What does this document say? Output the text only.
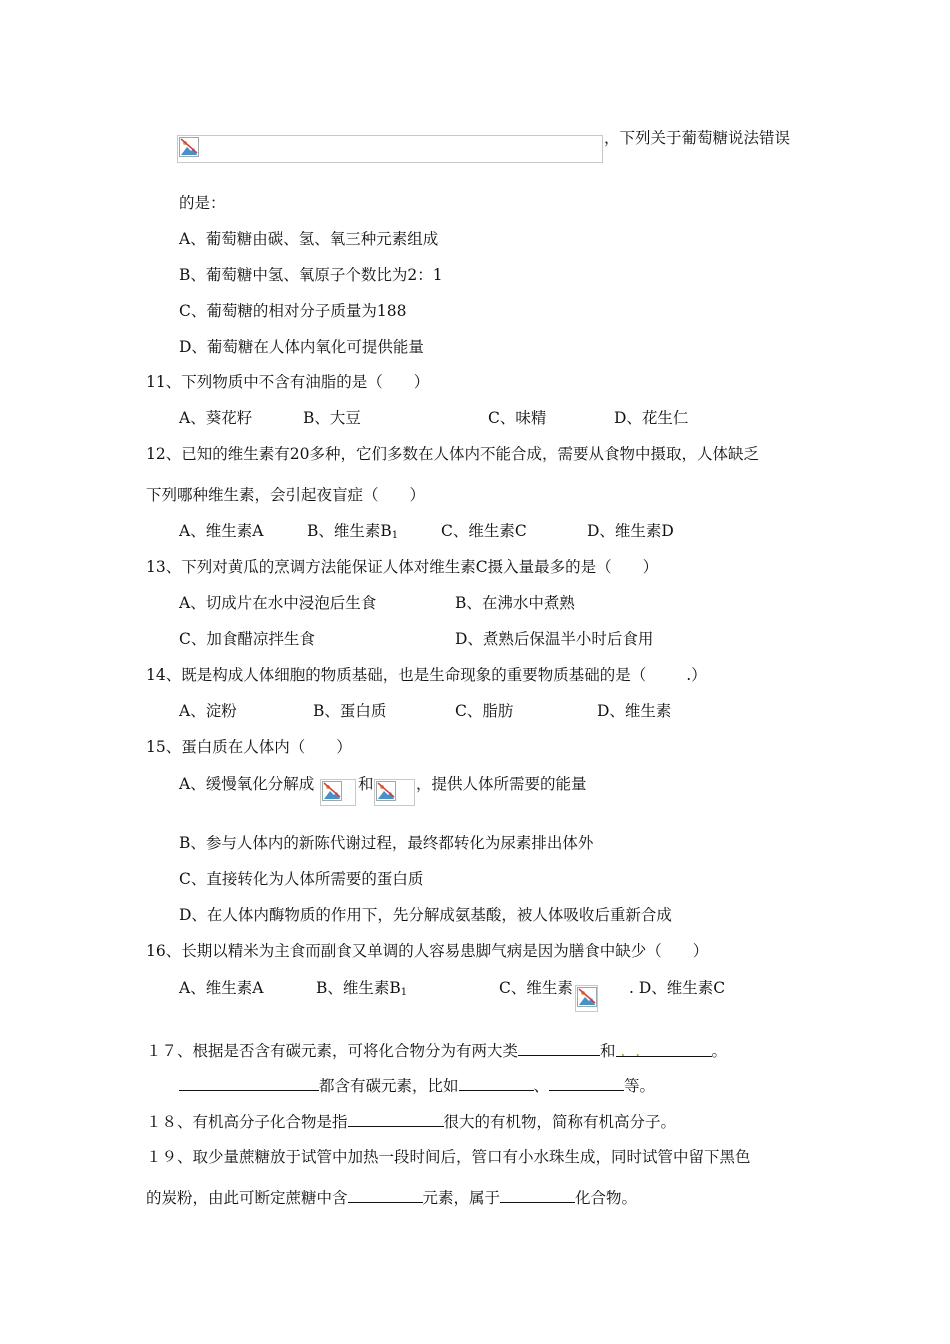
，下列关于葡萄糖说法错误
的是：
A、葡萄糖由碳、氢、氧三种元素组成
B、葡萄糖中氢、氧原子个数比为2：1
C、葡萄糖的相对分子质量为188
D、葡萄糖在人体内氧化可提供能量
11、下列物质中不含有油脂的是（　　）
A、葵花籽	B、大豆	C、味精	D、花生仁
12、已知的维生素有20多种，它们多数在人体内不能合成，需要从食物中摄取，人体缺乏
下列哪种维生素，会引起夜盲症（　　）
A、维生素A	B、维生素$B_1$	C、维生素C	D、维生素D
13、下列对黄瓜的烹调方法能保证人体对维生素C摄入量最多的是（　　）
A、切成片在水中浸泡后生食	B、在沸水中煮熟
C、加食醋凉拌生食	D、煮熟后保温半小时后食用
14、既是构成人体细胞的物质基础，也是生命现象的重要物质基础的是（	.）
A、淀粉	B、蛋白质	C、脂肪	D、维生素
15、蛋白质在人体内（　　）
A、缓慢氧化分解成	和	，提供人体所需要的能量
B、参与人体内的新陈代谢过程，最终都转化为尿素排出体外
C、直接转化为人体所需要的蛋白质
D、在人体内酶物质的作用下，先分解成氨基酸，被人体吸收后重新合成
16、长期以精米为主食而副食又单调的人容易患脚气病是因为膳食中缺少（　　）
A、维生素A	B、维生素$B_1$	C、维生素	. D、维生素C
１７、根据是否含有碳元素，可将化合物分为有两大类	和 .  .	。
都含有碳元素，比如	、	等。
１８、有机高分子化合物是指	很大的有机物，简称有机高分子。
１９、取少量蔗糖放于试管中加热一段时间后，管口有小水珠生成，同时试管中留下黑色
的炭粉，由此可断定蔗糖中含	元素，属于	化合物。
